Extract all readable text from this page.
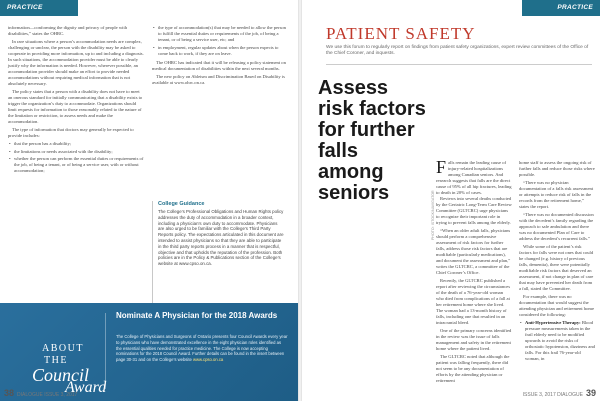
PRACTICE PARTNER

information—conforming the dignity and privacy of people with disabilities,” states the OHRC.

In rare situations where a person’s accommodation needs are complex, challenging or unclear, the person with the disability may be asked to cooperate in providing more information, up to and including a diagnosis. In such situations, the accommodation provider must be able to clearly justify why the information is needed. However, wherever possible, an accommodation provider should make an effort to provide needed accommodations without requiring medical information that is not absolutely necessary.

The policy states that a person with a disability does not have to meet an onerous standard for initially communicating that a disability exists to trigger the organization’s duty to accommodate. Organizations should limit requests for information to those reasonably related to the nature of the limitation or restriction, to assess needs and make the accommodation.

The type of information that doctors may generally be expected to provide includes:

• that the person has a disability;
• the limitations or needs associated with the disability;
• whether the person can perform the essential duties or requirements of the job, of being a tenant, or of being a service user, with or without accommodation;
• the type of accommodation(s) that may be needed to allow the person to fulfill the essential duties or requirements of the job, of being a tenant, or of being a service user, etc; and
• in employment, regular updates about when the person expects to come back to work, if they are on leave.

The OHRC has indicated that it will be releasing a policy statement on medical documentation of disabilities within the next several months.

The new policy on Ableism and Discrimination Based on Disability is available at www.ohrc.on.ca.

College Guidance

The College’s Professional Obligations and Human Rights policy addresses the duty of accommodation in a broader context, including a physician’s own duty to accommodate. Physicians are also urged to be familiar with the College’s Third Party Reports policy. The expectations articulated in this document are intended to assist physicians so that they are able to participate in the third party reports process in a manner that is respectful, objective and that upholds the reputation of the profession. Both policies are in the Policy & Publications section of the College’s website at www.cpso.on.ca.

ABOUT
THE
Council
Award
Nominate A Physician for the 2018 Awards

The College of Physicians and Surgeons of Ontario presents four Council Awards every year to physicians who have demonstrated excellence in the eight physician roles identified as the essential qualities needed for practice medicine. The College is now accepting nominations for the 2018 Council Award. Further details can be found in the insert between page 30-31 and on the College’s website www.cpso.on.ca

38 DIALOGUE ISSUE 3, 2017
PRACTICE PARTNER
PATIENT SAFETY

We use this forum to regularly report on findings from patient safety organizations, expert review committees of the Office of the Chief Coroner, and inquests.

Assess risk factors for further falls among seniors

Falls remain the leading cause of injury-related hospitalizations among Canadian seniors. And research suggests that falls are the direct cause of 95% of all hip fractures, leading to death in 20% of cases.

Reviews into several deaths conducted by the Geriatric Long-Term Care Review Committee (GLTCRC) urge physicians to recognize their important role in trying to prevent falls among the elderly.

“When an older adult falls, physicians should perform a comprehensive assessment of risk factors for further falls, address those risk factors that are modifiable (particularly medications), and document the assessment and plan,” writes the GLTCRC, a committee of the Chief Coroner’s Office.

Recently, the GLTCRC published a report after reviewing the circumstances of the death of a 76-year-old woman who died from complications of a fall at her retirement home where she lived. The woman had a 13-month history of falls, including one that resulted in an intracranial bleed.

One of the primary concerns identified in the review was the issue of falls management and safety in the retirement home where the patient lived.

The GLTCRC noted that although the patient was falling frequently, there did not seem to be any documentation of efforts by the attending physician or retirement

PHOTO: ISTOCK/NAVIGATOR

home staff to assess the ongoing risk of further falls and reduce those risks where possible.

“There was no physician documentation of a falls risk assessment or attempts to reduce risk of falls in the records from the retirement home,” states the report.

“There was no documented discussion with the decedent’s family regarding the approach to safe ambulation and there was no documented Plan of Care to address the decedent’s recurrent falls.”

While some of the patient’s risk factors for falls were not ones that could be changed (e.g. history of previous falls, dementia), there were potentially modifiable risk factors that deserved an assessment, if not change in plan of care that may have prevented her death from a fall, stated the Committee.

For example, there was no documentation that would suggest the attending physician and retirement home considered the following:

• Anti-Hypertensive Therapy: Blood pressure measurements taken in the frail elderly need to be modified upwards to avoid the risks of orthostatic hypotension, dizziness and falls. For this frail 76-year-old woman, in
ISSUE 3, 2017 DIALOGUE 39
